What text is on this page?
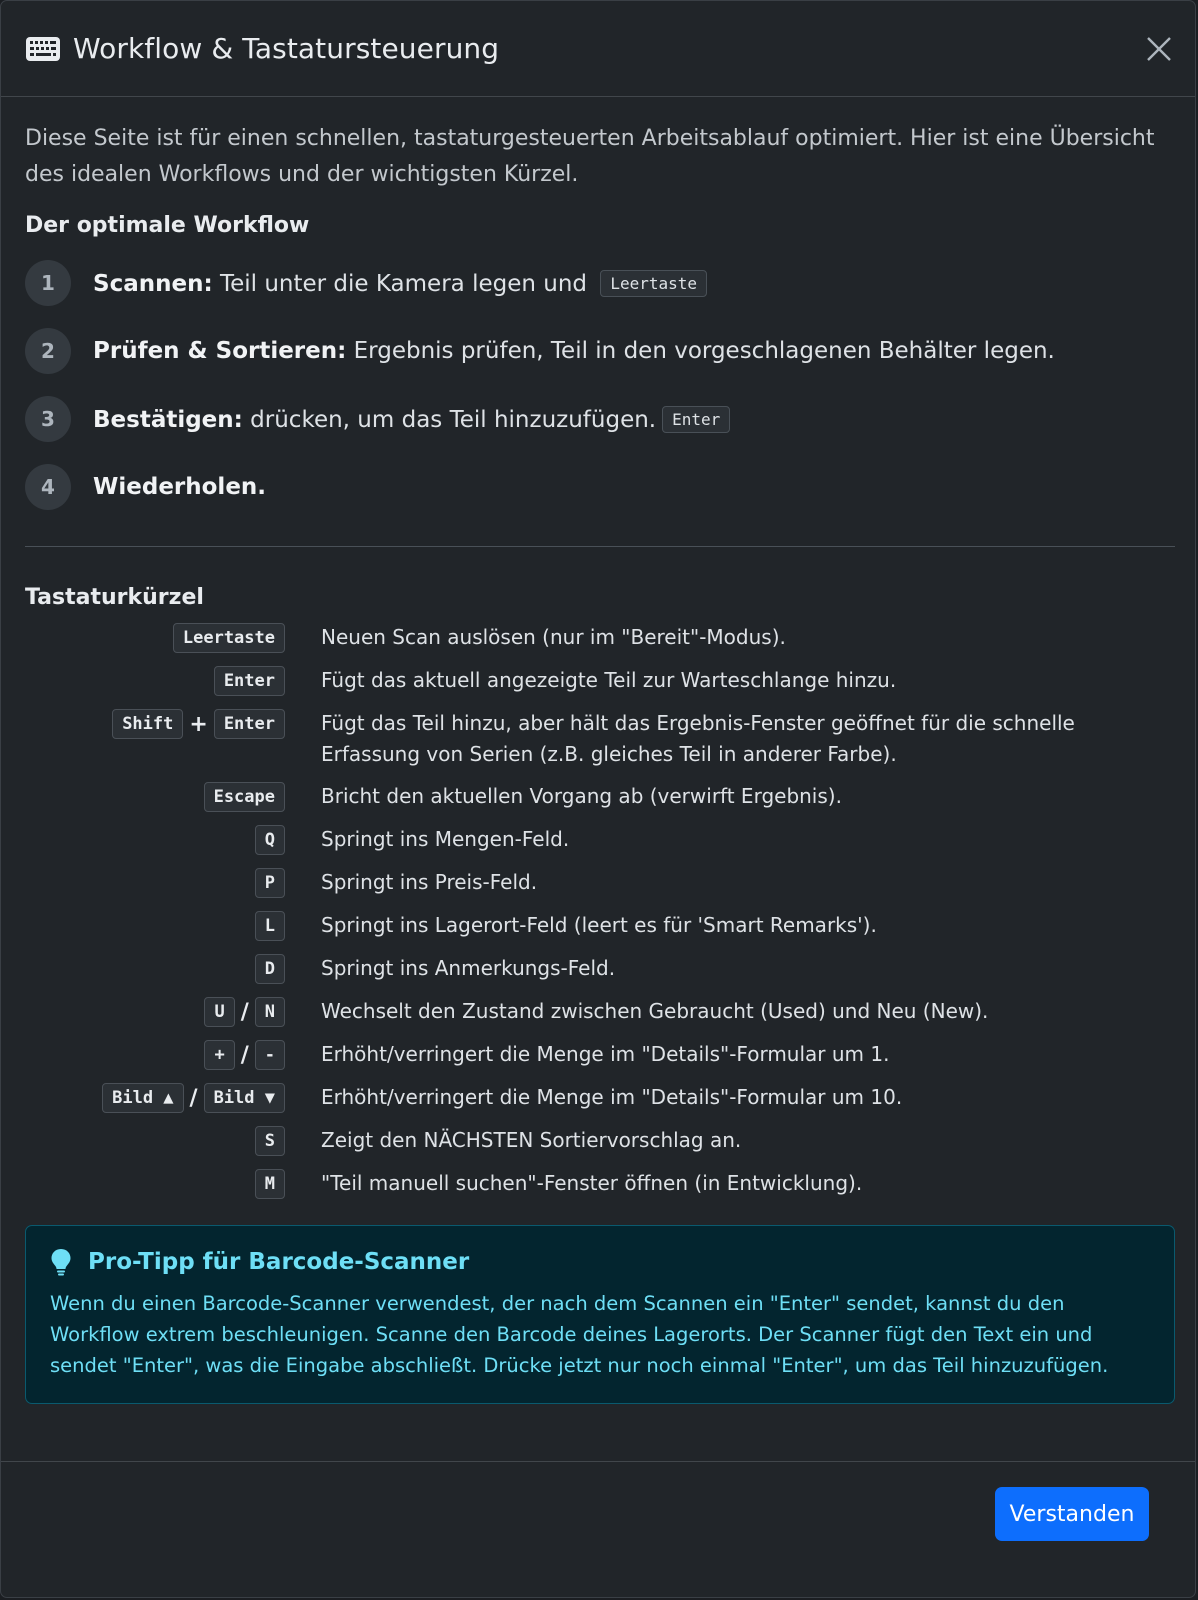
Workflow & Tastatursteuerung

Diese Seite ist für einen schnellen, tastaturgesteuerten Arbeitsablauf optimiert. Hier ist eine Übersicht des idealen Workflows und der wichtigsten Kürzel.

Der optimale Workflow
1	Scannen: Teil unter die Kamera legen und Leertaste
2	Prüfen & Sortieren: Ergebnis prüfen, Teil in den vorgeschlagenen Behälter legen.
3	Bestätigen: drücken, um das Teil hinzuzufügen. Enter
4	Wiederholen.
Tastaturkürzel
Leertaste	Neuen Scan auslösen (nur im "Bereit"-Modus).
Enter	Fügt das aktuell angezeigte Teil zur Warteschlange hinzu.
Shift + Enter	Fügt das Teil hinzu, aber hält das Ergebnis-Fenster geöffnet für die schnelle Erfassung von Serien (z.B. gleiches Teil in anderer Farbe).
Escape	Bricht den aktuellen Vorgang ab (verwirft Ergebnis).
Q	Springt ins Mengen-Feld.
P	Springt ins Preis-Feld.
L	Springt ins Lagerort-Feld (leert es für 'Smart Remarks').
D	Springt ins Anmerkungs-Feld.
U / N	Wechselt den Zustand zwischen Gebraucht (Used) und Neu (New).
+ / -	Erhöht/verringert die Menge im "Details"-Formular um 1.
Bild ▲ / Bild ▼	Erhöht/verringert die Menge im "Details"-Formular um 10.
S	Zeigt den NÄCHSTEN Sortiervorschlag an.
M	"Teil manuell suchen"-Fenster öffnen (in Entwicklung).
Pro-Tipp für Barcode-Scanner
Wenn du einen Barcode-Scanner verwendest, der nach dem Scannen ein "Enter" sendet, kannst du den Workflow extrem beschleunigen. Scanne den Barcode deines Lagerorts. Der Scanner fügt den Text ein und sendet "Enter", was die Eingabe abschließt. Drücke jetzt nur noch einmal "Enter", um das Teil hinzuzufügen.
Verstanden
